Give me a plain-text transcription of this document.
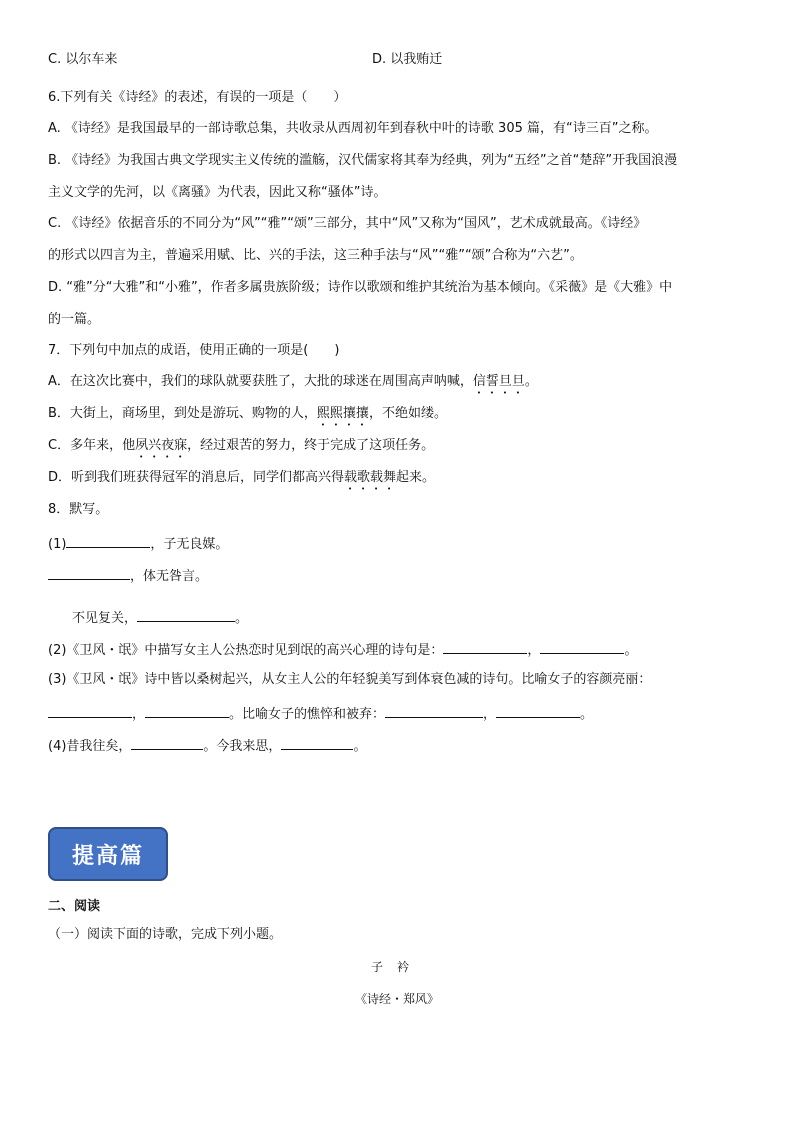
C. 以尔车来	D. 以我贿迁
6.下列有关《诗经》的表述，有误的一项是（　　）
A. 《诗经》是我国最早的一部诗歌总集，共收录从西周初年到春秋中叶的诗歌 305 篇，有“诗三百”之称。
B. 《诗经》为我国古典文学现实主义传统的滥觞，汉代儒家将其奉为经典，列为“五经”之首“楚辞”开我国浪漫
主义文学的先河，以《离骚》为代表，因此又称“骚体”诗。
C. 《诗经》依据音乐的不同分为“风”“雅”“颂”三部分，其中“风”又称为“国风”，艺术成就最高。《诗经》
的形式以四言为主，普遍采用赋、比、兴的手法，这三种手法与“风”“雅”“颂”合称为“六艺”。
D. “雅”分“大雅”和“小雅”，作者多属贵族阶级；诗作以歌颂和维护其统治为基本倾向。《采薇》是《大雅》中
的一篇。
7．下列句中加点的成语，使用正确的一项是(　　)
A．在这次比赛中，我们的球队就要获胜了，大批的球迷在周围高声呐喊，信誓旦旦。
B．大街上，商场里，到处是游玩、购物的人，熙熙攘攘，不绝如缕。
C．多年来，他夙兴夜寐，经过艰苦的努力，终于完成了这项任务。
D．听到我们班获得冠军的消息后，同学们都高兴得载歌载舞起来。
8．默写。
(1)	，子无良媒。
，体无咎言。
不见复关，	。
(2)《卫风・氓》中描写女主人公热恋时见到氓的高兴心理的诗句是：	，	。
(3)《卫风・氓》诗中皆以桑树起兴，从女主人公的年轻貌美写到体衰色减的诗句。比喻女子的容颜亮丽：
，	。比喻女子的憔悴和被弃：	，	。
(4)昔我往矣，	。今我来思，	。
提高篇
二、阅读
（一）阅读下面的诗歌，完成下列小题。
子衿
《诗经・郑风》
